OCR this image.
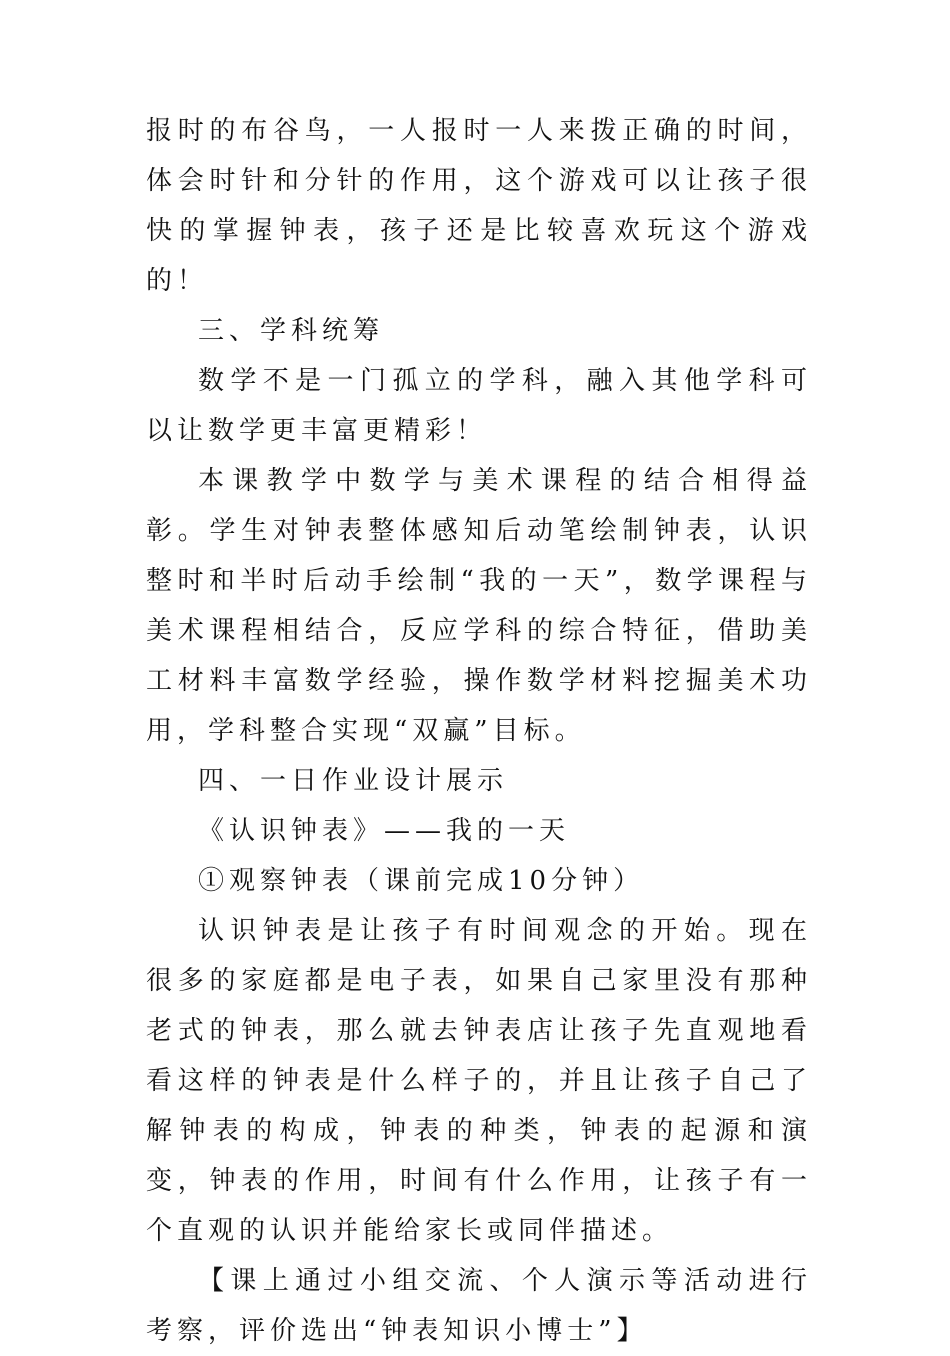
报时的布谷鸟，一人报时一人来拨正确的时间，体会时针和分针的作用，这个游戏可以让孩子很快的掌握钟表，孩子还是比较喜欢玩这个游戏的！

三、学科统筹

数学不是一门孤立的学科，融入其他学科可以让数学更丰富更精彩！

本课教学中数学与美术课程的结合相得益彰。学生对钟表整体感知后动笔绘制钟表，认识整时和半时后动手绘制“我的一天”，数学课程与美术课程相结合，反应学科的综合特征，借助美工材料丰富数学经验，操作数学材料挖掘美术功用，学科整合实现“双赢”目标。

四、一日作业设计展示

《认识钟表》——我的一天

①观察钟表（课前完成10分钟）

认识钟表是让孩子有时间观念的开始。现在很多的家庭都是电子表，如果自己家里没有那种老式的钟表，那么就去钟表店让孩子先直观地看看这样的钟表是什么样子的，并且让孩子自己了解钟表的构成，钟表的种类，钟表的起源和演变，钟表的作用，时间有什么作用，让孩子有一个直观的认识并能给家长或同伴描述。

【课上通过小组交流、个人演示等活动进行考察，评价选出“钟表知识小博士”】
